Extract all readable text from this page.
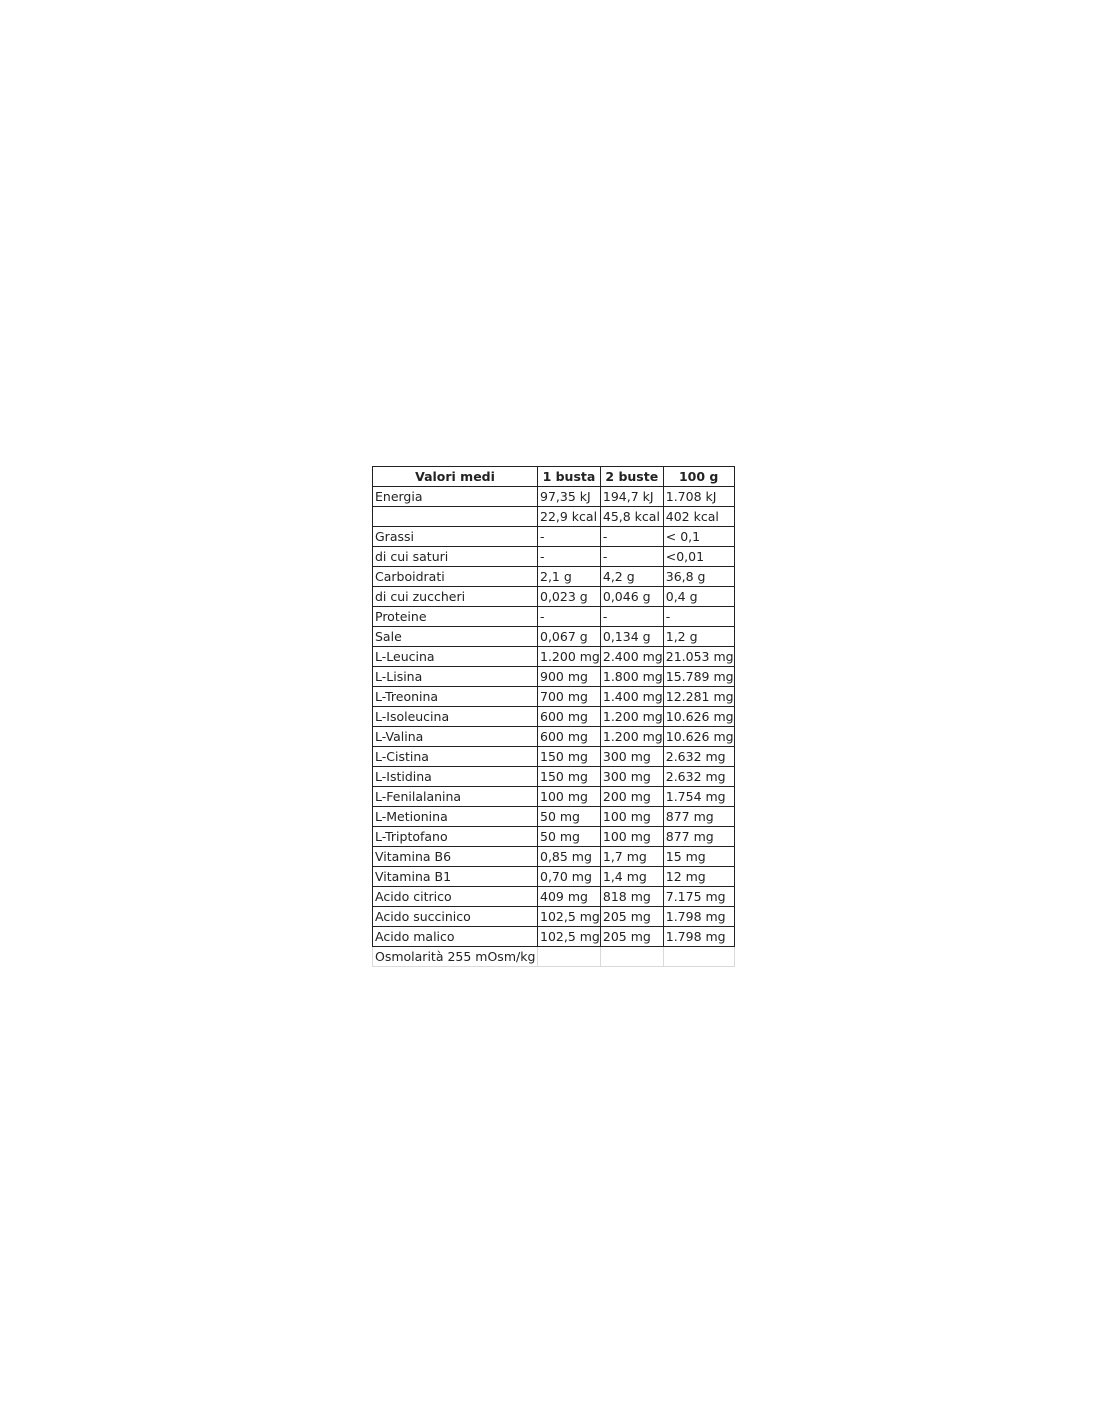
Valori medi	1 busta	2 buste	100 g
Energia	97,35 kJ	194,7 kJ	1.708 kJ
	22,9 kcal	45,8 kcal	402 kcal
Grassi	-	-	< 0,1
di cui saturi	-	-	<0,01
Carboidrati	2,1 g	4,2 g	36,8 g
di cui zuccheri	0,023 g	0,046 g	0,4 g
Proteine	-	-	-
Sale	0,067 g	0,134 g	1,2 g
L-Leucina	1.200 mg	2.400 mg	21.053 mg
L-Lisina	900 mg	1.800 mg	15.789 mg
L-Treonina	700 mg	1.400 mg	12.281 mg
L-Isoleucina	600 mg	1.200 mg	10.626 mg
L-Valina	600 mg	1.200 mg	10.626 mg
L-Cistina	150 mg	300 mg	2.632 mg
L-Istidina	150 mg	300 mg	2.632 mg
L-Fenilalanina	100 mg	200 mg	1.754 mg
L-Metionina	50 mg	100 mg	877 mg
L-Triptofano	50 mg	100 mg	877 mg
Vitamina B6	0,85 mg	1,7 mg	15 mg
Vitamina B1	0,70 mg	1,4 mg	12 mg
Acido citrico	409 mg	818 mg	7.175 mg
Acido succinico	102,5 mg	205 mg	1.798 mg
Acido malico	102,5 mg	205 mg	1.798 mg
Osmolarità 255 mOsm/kg			
